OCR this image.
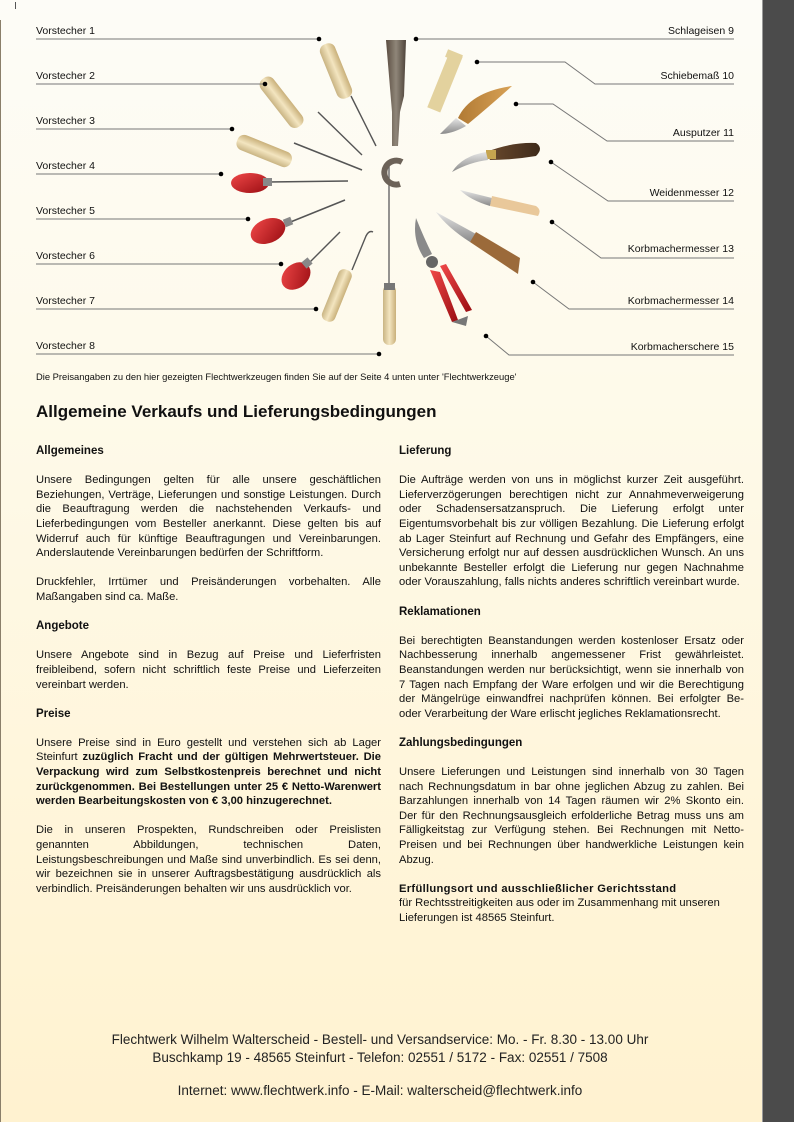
Vorstecher 1
Vorstecher 2
Vorstecher 3
Vorstecher 4
Vorstecher 5
Vorstecher 6
Vorstecher 7
Vorstecher 8
Schlageisen 9
Schiebemaß 10
Ausputzer 11
Weidenmesser 12
Korbmachermesser 13
Korbmachermesser 14
Korbmacherschere 15
Die Preisangaben zu den hier gezeigten Flechtwerkzeugen finden Sie auf der Seite 4 unten unter 'Flechtwerkzeuge'
Allgemeine Verkaufs und Lieferungsbedingungen
Allgemeines

Unsere Bedingungen gelten für alle unsere geschäftlichen Beziehungen, Verträge, Lieferungen und sonstige Leistungen. Durch die Beauftragung werden die nachstehenden Verkaufs- und Lieferbedingungen vom Besteller anerkannt. Diese gelten bis auf Widerruf auch für künftige Beauftragungen und Vereinbarungen. Anderslautende Vereinbarungen bedürfen der Schriftform.

Druckfehler, Irrtümer und Preisänderungen vorbehalten. Alle Maßangaben sind ca. Maße.

Angebote

Unsere Angebote sind in Bezug auf Preise und Lieferfristen freibleibend, sofern nicht schriftlich feste Preise und Lieferzeiten vereinbart werden.

Preise

Unsere Preise sind in Euro gestellt und verstehen sich ab Lager Steinfurt zuzüglich Fracht und der gültigen Mehrwertsteuer. Die Verpackung wird zum Selbstkostenpreis berechnet und nicht zurückgenommen. Bei Bestellungen unter 25 € Netto-Warenwert werden Bearbeitungskosten von € 3,00 hinzugerechnet.

Die in unseren Prospekten, Rundschreiben oder Preislisten genannten Abbildungen, technischen Daten, Leistungsbeschreibungen und Maße sind unverbindlich. Es sei denn, wir bezeichnen sie in unserer Auftragsbestätigung ausdrücklich als verbindlich. Preisänderungen behalten wir uns ausdrücklich vor.

Lieferung

Die Aufträge werden von uns in möglichst kurzer Zeit ausgeführt. Lieferverzögerungen berechtigen nicht zur Annahmeverweigerung oder Schadensersatzanspruch. Die Lieferung erfolgt unter Eigentumsvorbehalt bis zur völligen Bezahlung. Die Lieferung erfolgt ab Lager Steinfurt auf Rechnung und Gefahr des Empfängers, eine Versicherung erfolgt nur auf dessen ausdrücklichen Wunsch. An uns unbekannte Besteller erfolgt die Lieferung nur gegen Nachnahme oder Vorauszahlung, falls nichts anderes schriftlich vereinbart wurde.

Reklamationen

Bei berechtigten Beanstandungen werden kostenloser Ersatz oder Nachbesserung innerhalb angemessener Frist gewährleistet. Beanstandungen werden nur berücksichtigt, wenn sie innerhalb von 7 Tagen nach Empfang der Ware erfolgen und wir die Berechtigung der Mängelrüge einwandfrei nachprüfen können. Bei erfolgter Be- oder Verarbeitung der Ware erlischt jegliches Reklamationsrecht.

Zahlungsbedingungen

Unsere Lieferungen und Leistungen sind innerhalb von 30 Tagen nach Rechnungsdatum in bar ohne jeglichen Abzug zu zahlen. Bei Barzahlungen innerhalb von 14 Tagen räumen wir 2% Skonto ein. Der für den Rechnungsausgleich erfolderliche Betrag muss uns am Fälligkeitstag zur Verfügung stehen. Bei Rechnungen mit Netto-Preisen und bei Rechnungen über handwerkliche Leistungen kein Abzug.

Erfüllungsort und ausschließlicher Gerichtsstand
für Rechtsstreitigkeiten aus oder im Zusammenhang mit unseren Lieferungen ist 48565 Steinfurt.

Flechtwerk Wilhelm Walterscheid - Bestell- und Versandservice: Mo. - Fr. 8.30 - 13.00 Uhr
Buschkamp 19 - 48565 Steinfurt - Telefon: 02551 / 5172 - Fax: 02551 / 7508
Internet: www.flechtwerk.info - E-Mail: walterscheid@flechtwerk.info
